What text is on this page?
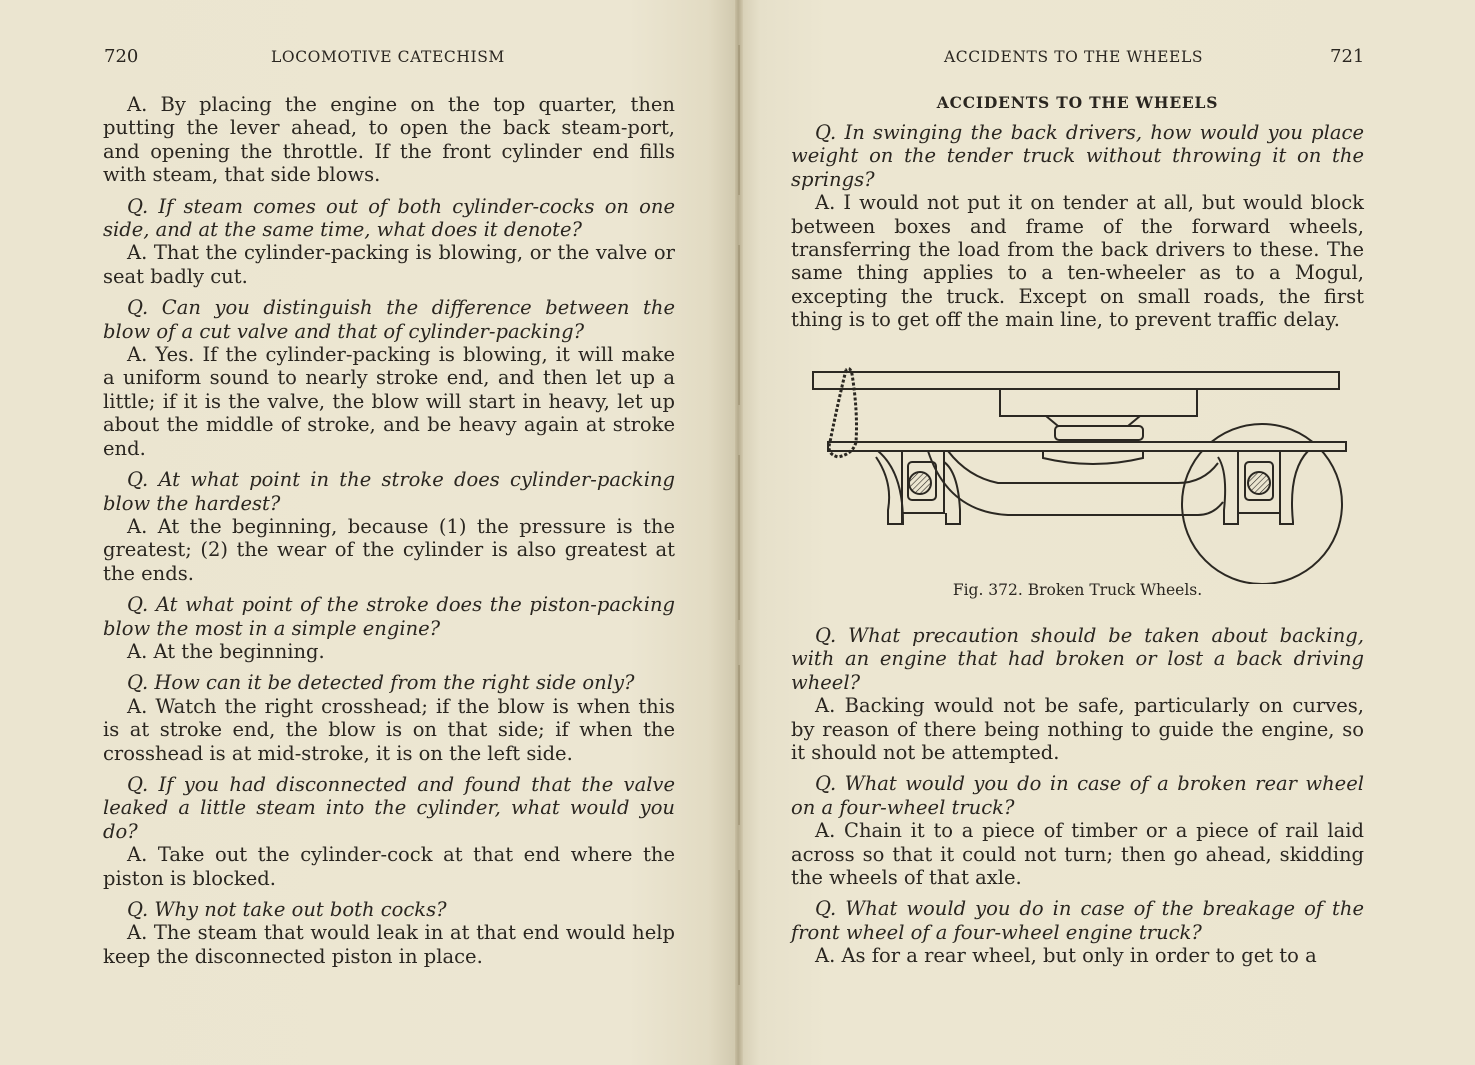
720	LOCOMOTIVE CATECHISM

A. By placing the engine on the top quarter, then putting the lever ahead, to open the back steam-port, and opening the throttle. If the front cylinder end fills with steam, that side blows.

Q. If steam comes out of both cylinder-cocks on one side, and at the same time, what does it denote?

A. That the cylinder-packing is blowing, or the valve or seat badly cut.

Q. Can you distinguish the difference between the blow of a cut valve and that of cylinder-packing?

A. Yes. If the cylinder-packing is blowing, it will make a uniform sound to nearly stroke end, and then let up a little; if it is the valve, the blow will start in heavy, let up about the middle of stroke, and be heavy again at stroke end.

Q. At what point in the stroke does cylinder-packing blow the hardest?

A. At the beginning, because (1) the pressure is the greatest; (2) the wear of the cylinder is also greatest at the ends.

Q. At what point of the stroke does the piston-packing blow the most in a simple engine?

A. At the beginning.

Q. How can it be detected from the right side only?

A. Watch the right crosshead; if the blow is when this is at stroke end, the blow is on that side; if when the crosshead is at mid-stroke, it is on the left side.

Q. If you had disconnected and found that the valve leaked a little steam into the cylinder, what would you do?

A. Take out the cylinder-cock at that end where the piston is blocked.

Q. Why not take out both cocks?

A. The steam that would leak in at that end would help keep the disconnected piston in place.

ACCIDENTS TO THE WHEELS	721
ACCIDENTS TO THE WHEELS

Q. In swinging the back drivers, how would you place weight on the tender truck without throwing it on the springs?

A. I would not put it on tender at all, but would block between boxes and frame of the forward wheels, transferring the load from the back drivers to these. The same thing applies to a ten-wheeler as to a Mogul, excepting the truck. Except on small roads, the first thing is to get off the main line, to prevent traffic delay.

Fig. 372. Broken Truck Wheels.

Q. What precaution should be taken about backing, with an engine that had broken or lost a back driving wheel?

A. Backing would not be safe, particularly on curves, by reason of there being nothing to guide the engine, so it should not be attempted.

Q. What would you do in case of a broken rear wheel on a four-wheel truck?

A. Chain it to a piece of timber or a piece of rail laid across so that it could not turn; then go ahead, skidding the wheels of that axle.

Q. What would you do in case of the breakage of the front wheel of a four-wheel engine truck?

A. As for a rear wheel, but only in order to get to a
